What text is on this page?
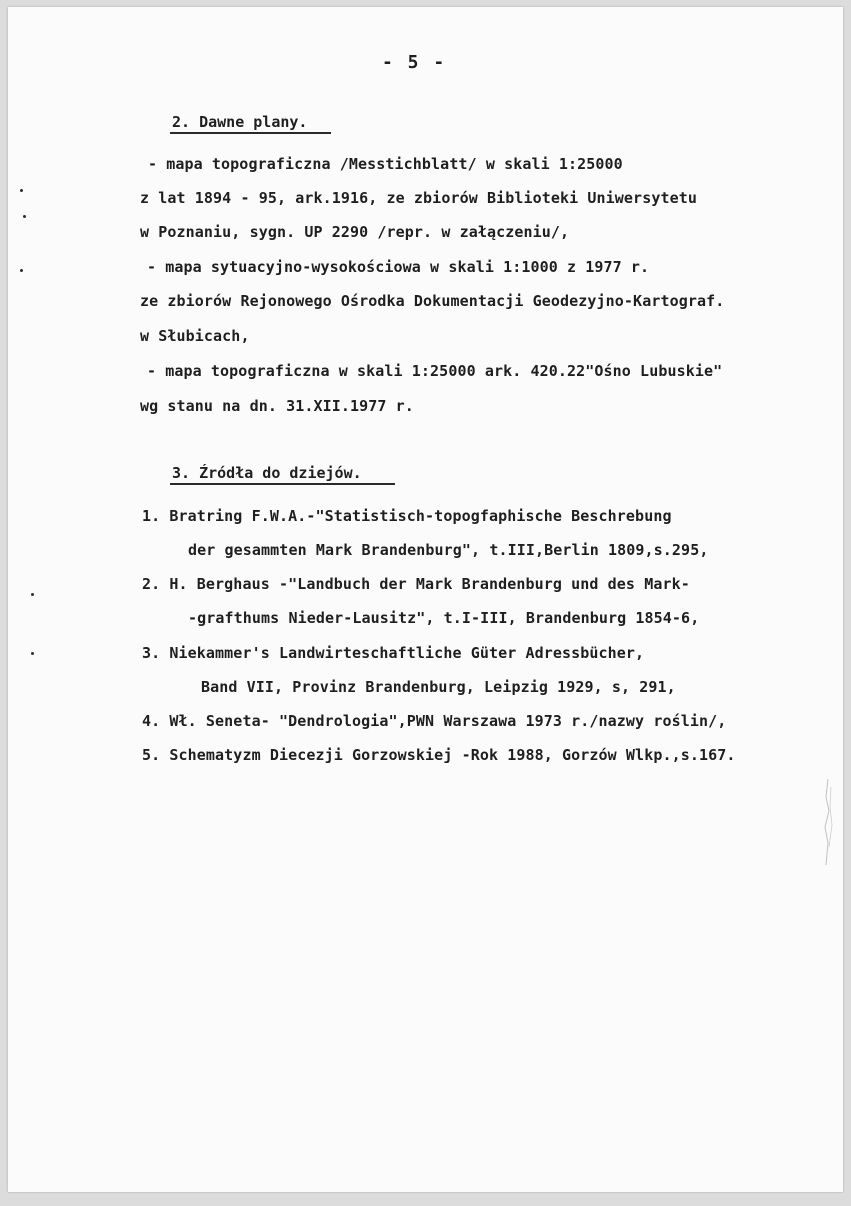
- 5 -
2. Dawne plany.
- mapa topograficzna /Messtichblatt/ w skali 1:25000
z lat 1894 - 95, ark.1916, ze zbiorów Biblioteki Uniwersytetu
w Poznaniu, sygn. UP 2290 /repr. w załączeniu/,
- mapa sytuacyjno-wysokościowa w skali 1:1000 z 1977 r.
ze zbiorów Rejonowego Ośrodka Dokumentacji Geodezyjno-Kartograf.
w Słubicach,
- mapa topograficzna w skali 1:25000 ark. 420.22"Ośno Lubuskie"
wg stanu na dn. 31.XII.1977 r.
3. Źródła do dziejów.
1. Bratring F.W.A.-"Statistisch-topogfaphische Beschrebung
der gesammten Mark Brandenburg", t.III,Berlin 1809,s.295,
2. H. Berghaus -"Landbuch der Mark Brandenburg und des Mark-
-grafthums Nieder-Lausitz", t.I-III, Brandenburg 1854-6,
3. Niekammer's Landwirteschaftliche Güter Adressbücher,
Band VII, Provinz Brandenburg, Leipzig 1929, s, 291,
4. Wł. Seneta- "Dendrologia",PWN Warszawa 1973 r./nazwy roślin/,
5. Schematyzm Diecezji Gorzowskiej -Rok 1988, Gorzów Wlkp.,s.167.
